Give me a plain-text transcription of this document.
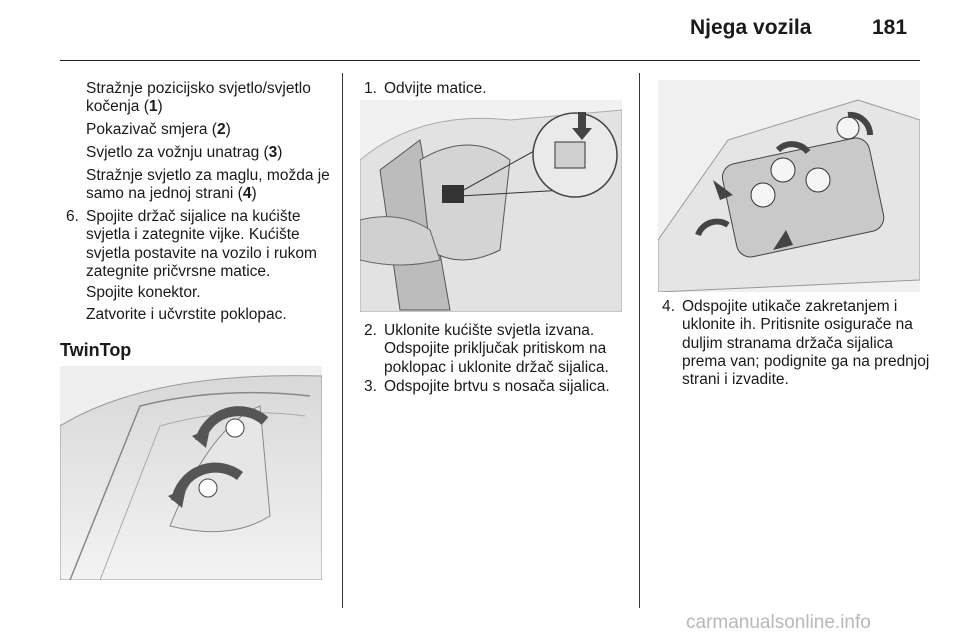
Njega vozila	181
Stražnje pozicijsko svjetlo/svjetlo kočenja (1)
Pokazivač smjera (2)
Svjetlo za vožnju unatrag (3)
Stražnje svjetlo za maglu, možda je samo na jednoj strani (4)
6. Spojite držač sijalice na kućište svjetla i zategnite vijke. Kućište svjetla postavite na vozilo i rukom zategnite pričvrsne matice.
Spojite konektor.
Zatvorite i učvrstite poklopac.
TwinTop
1. Odvijte matice.
2. Uklonite kućište svjetla izvana. Odspojite priključak pritiskom na poklopac i uklonite držač sijalica.
3. Odspojite brtvu s nosača sijalica.
4. Odspojite utikače zakretanjem i uklonite ih. Pritisnite osigurače na duljim stranama držača sijalica prema van; podignite ga na prednjoj strani i izvadite.
carmanualsonline.info
